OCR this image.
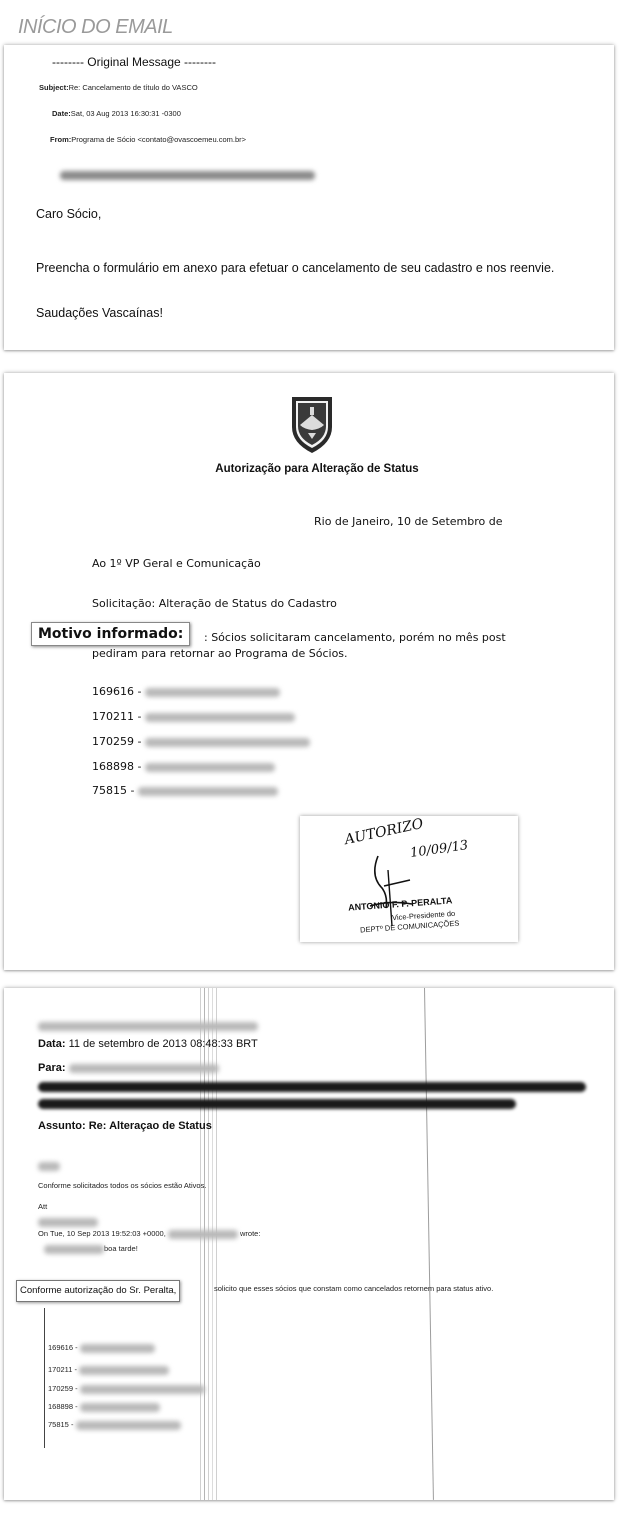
INÍCIO DO EMAIL
-------- Original Message --------
Subject:Re: Cancelamento de título do VASCO
Date:Sat, 03 Aug 2013 16:30:31 -0300
From:Programa de Sócio <contato@ovascoemeu.com.br>
Caro Sócio,
Preencha o formulário em anexo para efetuar o cancelamento de seu cadastro e nos reenvie.
Saudações Vascaínas!
Autorização para Alteração de Status
Rio de Janeiro, 10 de Setembro de
Ao 1º VP Geral e Comunicação
Solicitação: Alteração de Status do Cadastro
: Sócios solicitaram cancelamento, porém no mês post
pediram para retornar ao Programa de Sócios.
Motivo informado:
169616 -
170211 -
170259 -
168898 -
75815 -
AUTORIZO
10/09/13
ANTONIO F. P. PERALTA
Vice-Presidente do
DEPTº DE COMUNICAÇÕES
Data: 11 de setembro de 2013 08:48:33 BRT
Para:
Assunto: Re: Alteraçao de Status
Conforme solicitados todos os sócios estão Ativos.
Att
On Tue, 10 Sep 2013 19:52:03 +0000,	wrote:
boa tarde!
Conforme autorização do Sr. Peralta,	solicito que esses sócios que constam como cancelados retornem para status ativo.
169616 -
170211 -
170259 -
168898 -
75815 -
